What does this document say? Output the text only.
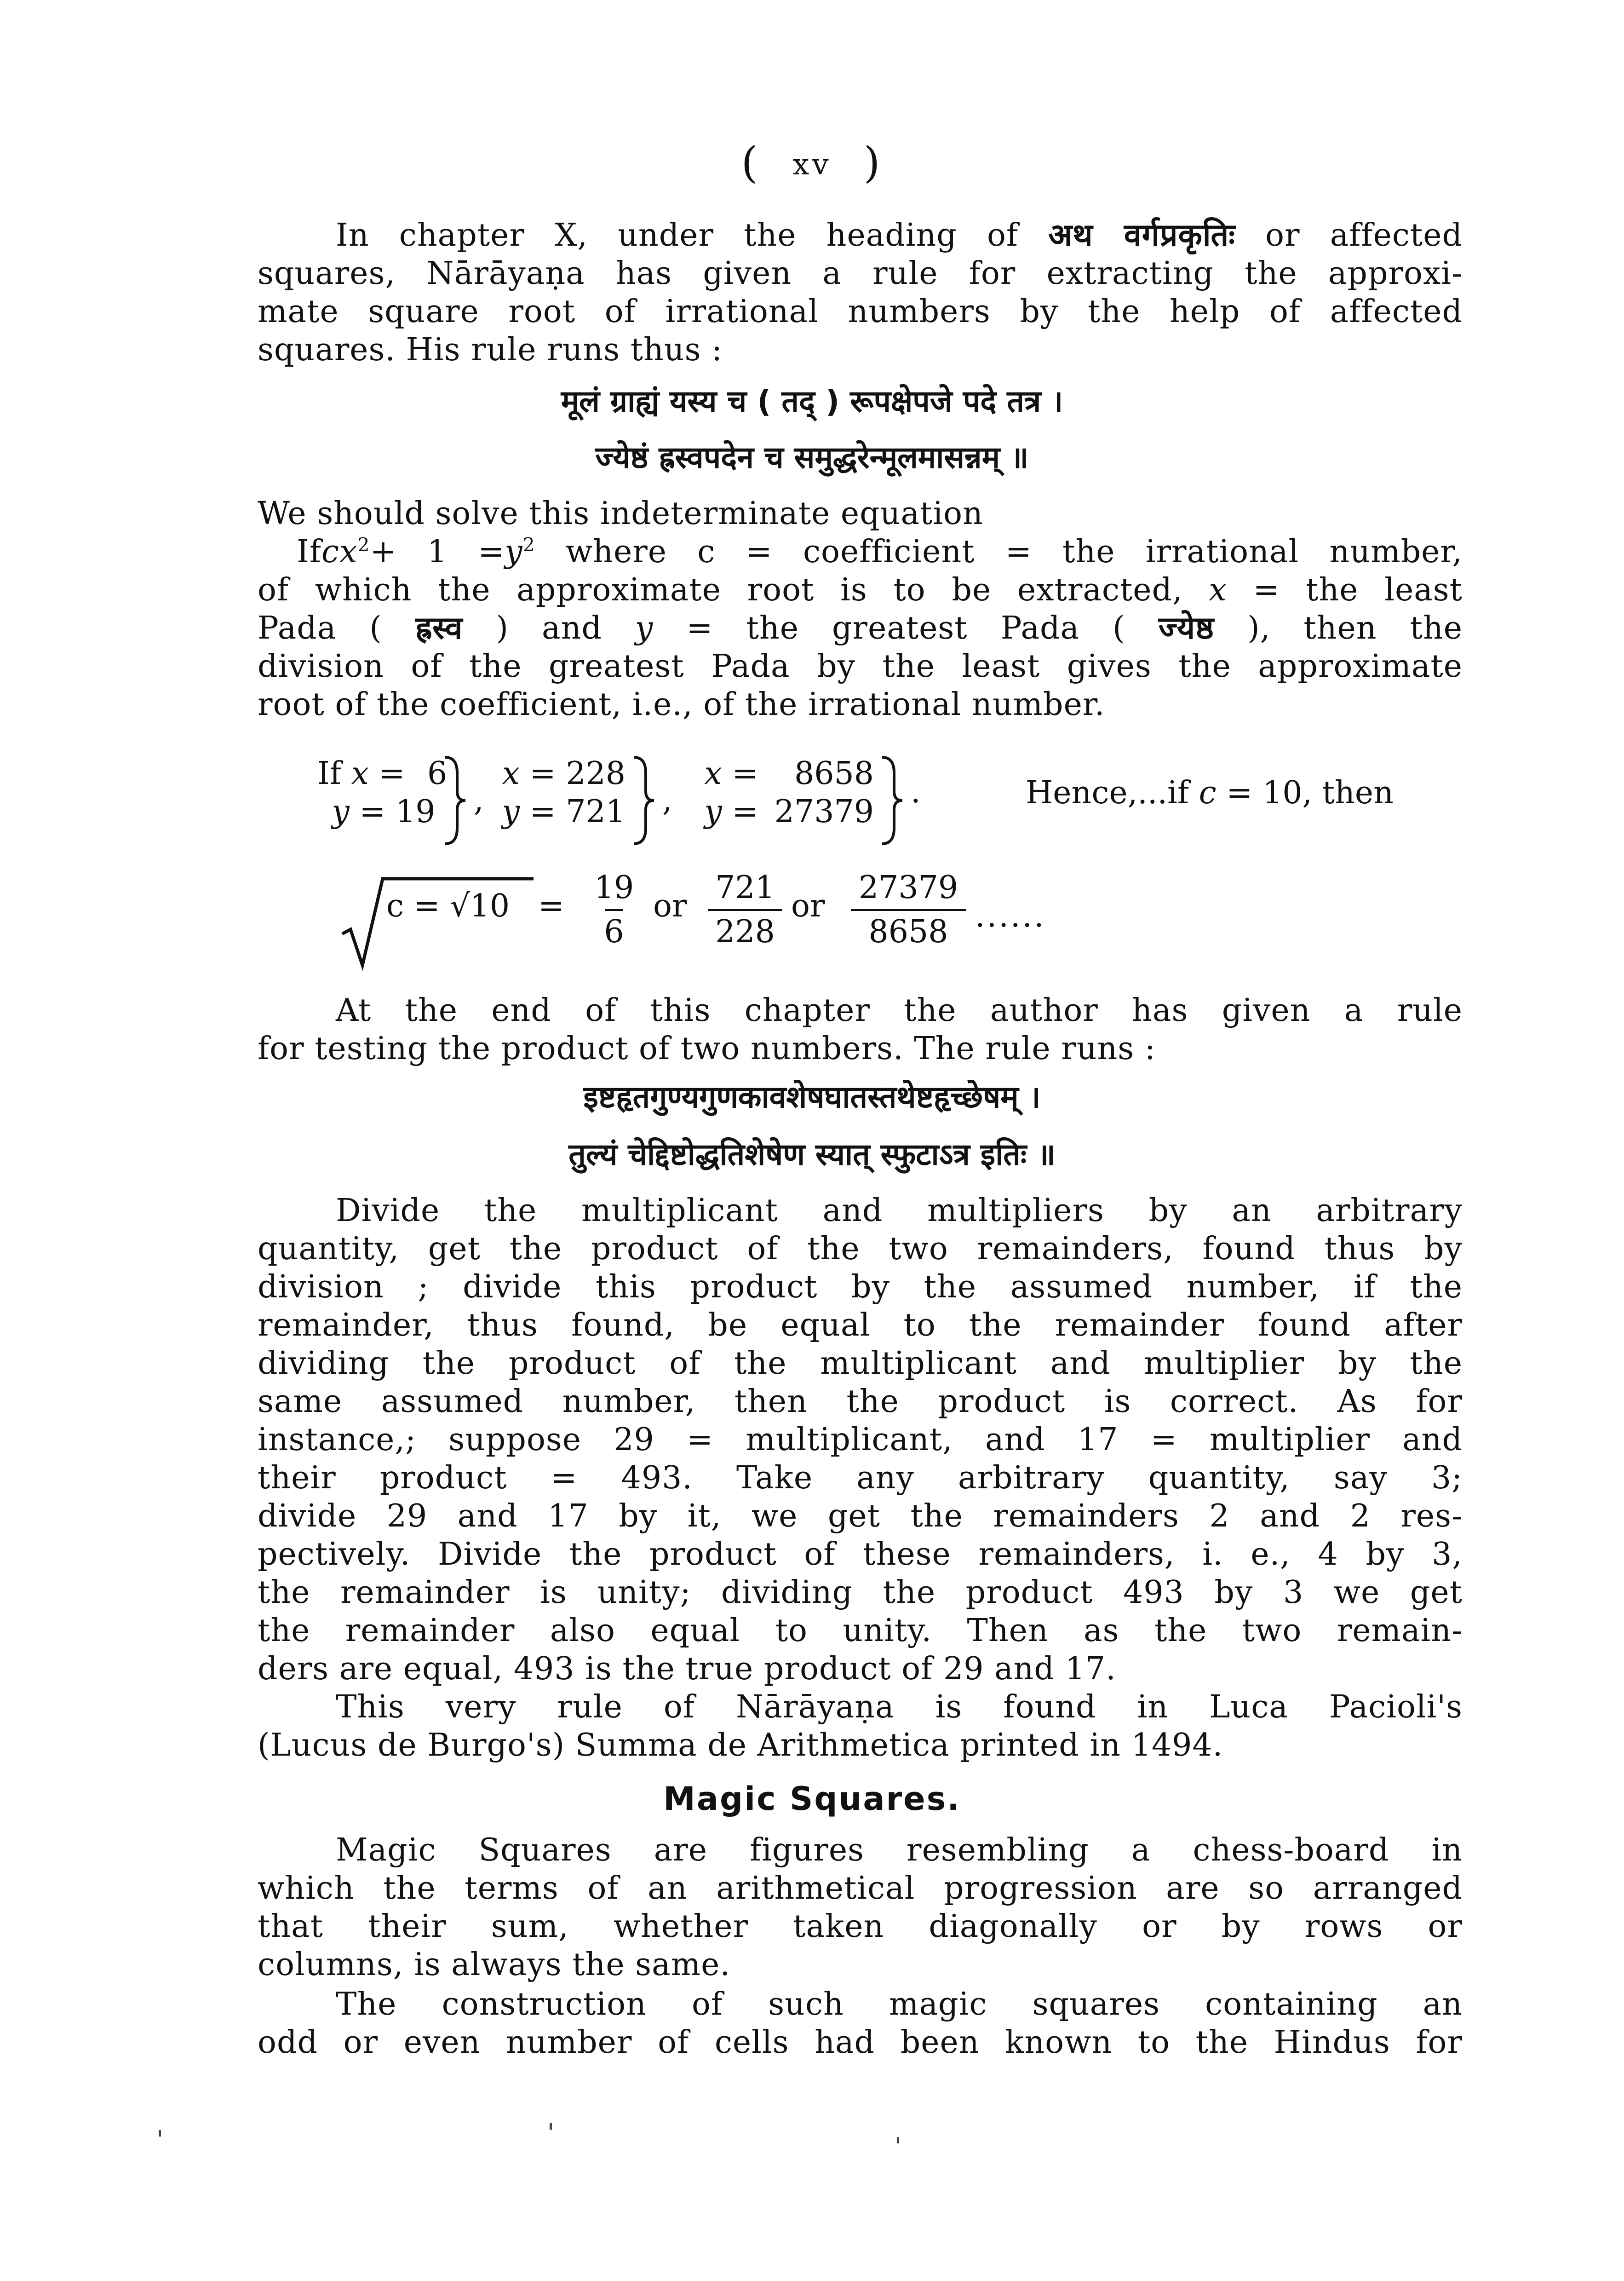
( xv )
In chapter X, under the heading of अथ वर्गप्रकृतिः or affected
squares, Nārāyaṇa has given a rule for extracting the approxi-
mate square root of irrational numbers by the help of affected
squares. His rule runs thus :
मूलं ग्राह्यं यस्य च ( तद् ) रूपक्षेपजे पदे तत्र ।
ज्येष्ठं ह्रस्वपदेन च समुद्धरेन्मूलमासन्नम् ॥
We should solve this indeterminate equation
Ifcx$^2$+ $1 =y^2$ where c = coefficient = the irrational number,
of which the approximate root is to be extracted, x = the least
Pada ( ह्रस्व ) and y = the greatest Pada ( ज्येष्ठ ), then the
division of the greatest Pada by the least gives the approximate
root of the coefficient, i.e., of the irrational number.
If x = 6
y = 19 ,
x = 228
y = 721 ,
x = 8658
y = 27379
.	Hence,...if c = 10, then
c = √10 =
19
6
or
721
228
or
27379
8658 ......
At the end of this chapter the author has given a rule
for testing the product of two numbers. The rule runs :
इष्टहृतगुण्यगुणकावशेषघातस्तथेष्टहृच्छेषम् ।
तुल्यं चेद्दिष्टोद्धतिशेषेण स्यात् स्फुटाऽत्र इतिः ॥
Divide the multiplicant and multipliers by an arbitrary
quantity, get the product of the two remainders, found thus by
division ; divide this product by the assumed number, if the
remainder, thus found, be equal to the remainder found after
dividing the product of the multiplicant and multiplier by the
same assumed number, then the product is correct. As for
instance,; suppose 29 = multiplicant, and 17 = multiplier and
their product = 493. Take any arbitrary quantity, say 3;
divide 29 and 17 by it, we get the remainders 2 and 2 res-
pectively. Divide the product of these remainders, i. e., 4 by 3,
the remainder is unity; dividing the product 493 by 3 we get
the remainder also equal to unity. Then as the two remain-
ders are equal, 493 is the true product of 29 and 17.
This very rule of Nārāyaṇa is found in Luca Pacioli's
(Lucus de Burgo's) Summa de Arithmetica printed in 1494.
Magic Squares.
Magic Squares are figures resembling a chess-board in
which the terms of an arithmetical progression are so arranged
that their sum, whether taken diagonally or by rows or
columns, is always the same.
The construction of such magic squares containing an
odd or even number of cells had been known to the Hindus for
